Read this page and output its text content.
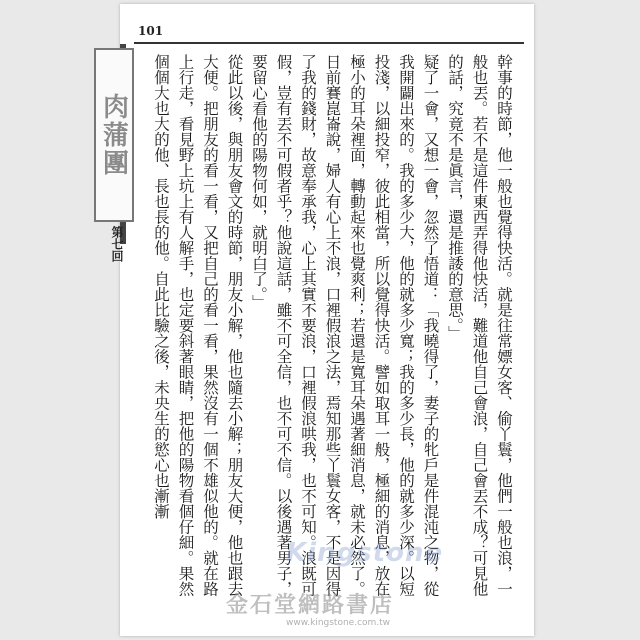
101
肉蒲團
第七回	幹事的時節，他一般也覺得快活。就是往常嫖女客、偷丫鬟，他們一般也浪，一般也丟。若不是這件東西弄得他快活，難道他自己會浪，自己會丟不成？可見他的話，究竟不是眞言，還是推諉的意思。」

疑了一會，又想一會，忽然了悟道：「我曉得了，妻子的牝戶是件混沌之物，從我開闢出來的。我的多少大，他的就多少寬；我的多少長，他的就多少深。以短投淺，以細投窄，彼此相當，所以覺得快活。譬如取耳一般，極細的消息，放在極小的耳朵裡面，轉動起來也覺爽利；若還是寬耳朵遇著細消息，就未必然了。日前賽崑崙說，婦人有心上不浪，口裡假浪之法，焉知那些丫鬟女客，不是因得了我的錢財，故意奉承我，心上其實不要浪，口裡假浪哄我，也不可知。浪既可假，豈有丟不可假者乎？他說這話，雖不可全信，也不可不信。以後遇著男子，要留心看他的陽物何如，就明白了。」

從此以後，與朋友會文的時節，朋友小解，他也隨去小解；朋友大便，他也跟去大便。把朋友的看一看，又把自己的看一看，果然沒有一個不雄似他的。就在路上行走，看見野上坑上有人解手，也定要斜著眼睛，把他的陽物看個仔細。果然個個大也大的他、長也長的他。自此比驗之後，未央生的慾心也漸漸

Kingstone
金石堂網路書店
www.kingstone.com.tw
